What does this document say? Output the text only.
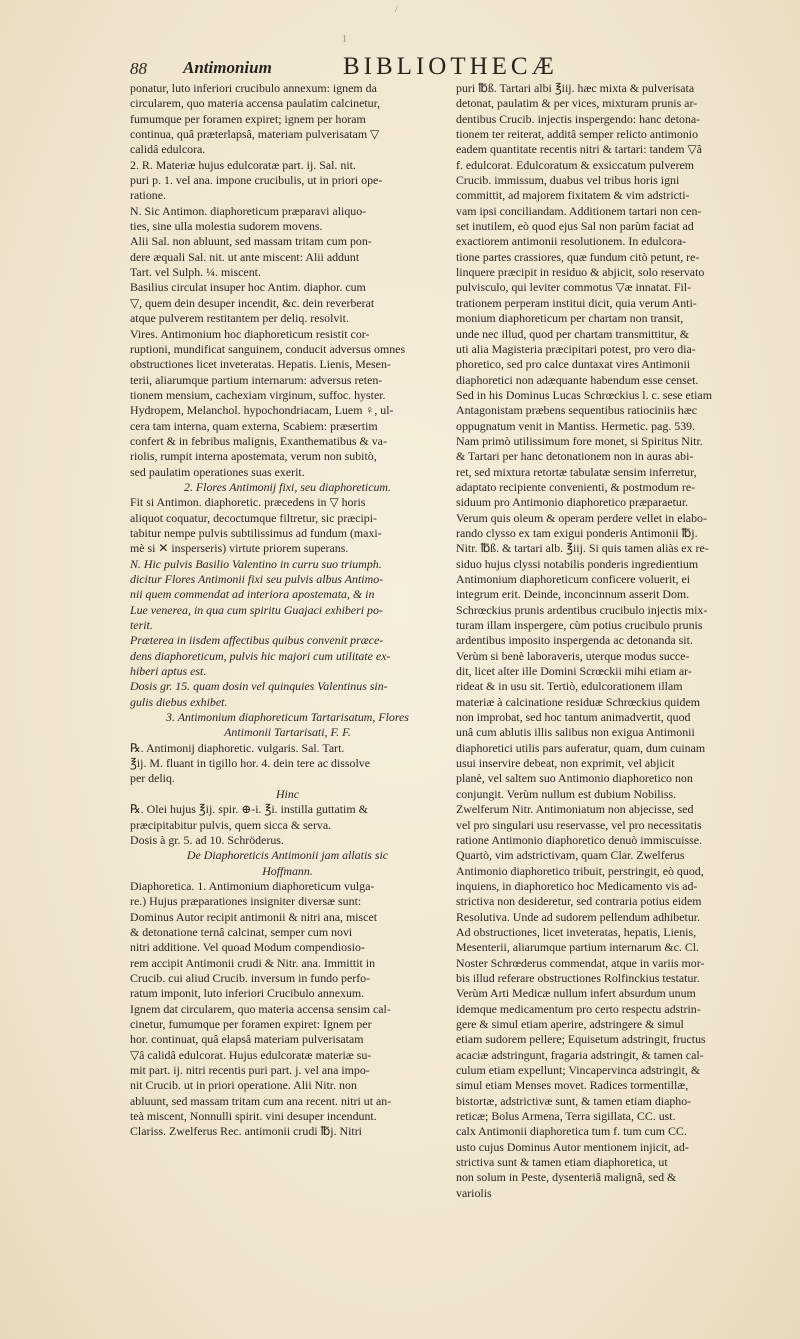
/
1
88 Antimonium	BIBLIOTHECÆ

ponatur, luto inferiori crucibulo annexum: ignem da
circularem, quo materia accensa paulatim calcinetur,
fumumque per foramen expiret; ignem per horam
continua, quâ præterlapsâ, materiam pulverisatam ▽
calidâ edulcora.

2. R. Materiæ hujus edulcoratæ part. ij. Sal. nit.
puri p. 1. vel ana. impone crucibulis, ut in priori ope-
ratione.

N. Sic Antimon. diaphoreticum præparavi aliquo-
ties, sine ulla molestia sudorem movens.

Alii Sal. non abluunt, sed massam tritam cum pon-
dere æquali Sal. nit. ut ante miscent: Alii addunt
Tart. vel Sulph. ¼. miscent.

Basilius circulat insuper hoc Antim. diaphor. cum
▽, quem dein desuper incendit, &c. dein reverberat
atque pulverem restitantem per deliq. resolvit.

Vires. Antimonium hoc diaphoreticum resistit cor-
ruptioni, mundificat sanguinem, conducit adversus omnes
obstructiones licet inveteratas. Hepatis. Lienis, Mesen-
terii, aliarumque partium internarum: adversus reten-
tionem mensium, cachexiam virginum, suffoc. hyster.
Hydropem, Melanchol. hypochondriacam, Luem ♀, ul-
cera tam interna, quam externa, Scabiem: præsertim
confert & in febribus malignis, Exanthematibus & va-
riolis, rumpit interna apostemata, verum non subitò,
sed paulatim operationes suas exerit.

2. Flores Antimonij fixi, seu diaphoreticum.

Fit si Antimon. diaphoretic. præcedens in ▽ horis
aliquot coquatur, decoctumque filtretur, sic præcipi-
tabitur nempe pulvis subtilissimus ad fundum (maxi-
mè si ✕ insperseris) virtute priorem superans.

N. Hic pulvis Basilio Valentino in curru suo triumph.
dicitur Flores Antimonii fixi seu pulvis albus Antimo-
nii quem commendat ad interiora apostemata, & in
Lue venerea, in qua cum spiritu Guajaci exhiberi po-
terit.

Præterea in iisdem affectibus quibus convenit præce-
dens diaphoreticum, pulvis hic majori cum utilitate ex-
hiberi aptus est.

Dosis gr. 15. quam dosin vel quinquies Valentinus sin-
gulis diebus exhibet.

3. Antimonium diaphoreticum Tartarisatum, Flores
Antimonii Tartarisati, F. F.

℞. Antimonij diaphoretic. vulgaris. Sal. Tart.
℥ij. M. fluant in tigillo hor. 4. dein tere ac dissolve
per deliq.

Hinc

℞. Olei hujus ℥ij. spir. ⊕-i. ℥i. instilla guttatim &
præcipitabitur pulvis, quem sicca & serva.

Dosis à gr. 5. ad 10. Schröderus.

De Diaphoreticis Antimonii jam allatis sic
Hoffmann.

Diaphoretica. 1. Antimonium diaphoreticum vulga-
re.) Hujus præparationes insigniter diversæ sunt:
Dominus Autor recipit antimonii & nitri ana, miscet
& detonatione ternâ calcinat, semper cum novi
nitri additione. Vel quoad Modum compendiosio-
rem accipit Antimonii crudi & Nitr. ana. Immittit in
Crucib. cui aliud Crucib. inversum in fundo perfo-
ratum imponit, luto inferiori Crucibulo annexum.
Ignem dat circularem, quo materia accensa sensim cal-
cinetur, fumumque per foramen expiret: Ignem per
hor. continuat, quâ elapsâ materiam pulverisatam
▽â calidâ edulcorat. Hujus edulcoratæ materiæ su-
mit part. ij. nitri recentis puri part. j. vel ana impo-
nit Crucib. ut in priori operatione. Alii Nitr. non
abluunt, sed massam tritam cum ana recent. nitri ut an-
teà miscent, Nonnulli spirit. vini desuper incendunt.
Clariss. Zwelferus Rec. antimonii crudi ℔j. Nitri

puri ℔ß. Tartari albi ℥iij. hæc mixta & pulverisata
detonat, paulatim & per vices, mixturam prunis ar-
dentibus Crucib. injectis inspergendo: hanc detona-
tionem ter reiterat, additâ semper relicto antimonio
eadem quantitate recentis nitri & tartari: tandem ▽â
f. edulcorat. Edulcoratum & exsiccatum pulverem
Crucib. immissum, duabus vel tribus horis igni
committit, ad majorem fixitatem & vim adstricti-
vam ipsi conciliandam. Additionem tartari non cen-
set inutilem, eò quod ejus Sal non parùm faciat ad
exactiorem antimonii resolutionem. In edulcora-
tione partes crassiores, quæ fundum citò petunt, re-
linquere præcipit in residuo & abjicit, solo reservato
pulvisculo, qui leviter commotus ▽æ innatat. Fil-
trationem perperam institui dicit, quia verum Anti-
monium diaphoreticum per chartam non transit,
unde nec illud, quod per chartam transmittitur, &
uti alia Magisteria præcipitari potest, pro vero dia-
phoretico, sed pro calce duntaxat vires Antimonii
diaphoretici non adæquante habendum esse censet.
Sed in his Dominus Lucas Schrœckius l. c. sese etiam
Antagonistam præbens sequentibus ratiociniis hæc
oppugnatum venit in Mantiss. Hermetic. pag. 539.
Nam primò utilissimum fore monet, si Spiritus Nitr.
& Tartari per hanc detonationem non in auras abi-
ret, sed mixtura retortæ tabulatæ sensim inferretur,
adaptato recipiente convenienti, & postmodum re-
siduum pro Antimonio diaphoretico præparaetur.
Verum quis oleum & operam perdere vellet in elabo-
rando clysso ex tam exigui ponderis Antimonii ℔j.
Nitr. ℔ß. & tartari alb. ℥iij. Si quis tamen aliàs ex re-
siduo hujus clyssi notabilis ponderis ingredientium
Antimonium diaphoreticum conficere voluerit, ei
integrum erit. Deinde, inconcinnum asserit Dom.
Schrœckius prunis ardentibus crucibulo injectis mix-
turam illam inspergere, cùm potius crucibulo prunis
ardentibus imposito inspergenda ac detonanda sit.
Verùm si benè laboraveris, uterque modus succe-
dit, licet alter ille Domini Scrœckii mihi etiam ar-
rideat & in usu sit. Tertiò, edulcorationem illam
materiæ à calcinatione residuæ Schrœckius quidem
non improbat, sed hoc tantum animadvertit, quod
unâ cum ablutis illis salibus non exigua Antimonii
diaphoretici utilis pars auferatur, quam, dum cuinam
usui inservire debeat, non exprimit, vel abjicit
planè, vel saltem suo Antimonio diaphoretico non
conjungit. Verùm nullum est dubium Nobiliss.
Zwelferum Nitr. Antimoniatum non abjecisse, sed
vel pro singulari usu reservasse, vel pro necessitatis
ratione Antimonio diaphoretico denuò immiscuisse.
Quartò, vim adstrictivam, quam Clar. Zwelferus
Antimonio diaphoretico tribuit, perstringit, eò quod,
inquiens, in diaphoretico hoc Medicamento vis ad-
strictiva non desideretur, sed contraria potius eidem
Resolutiva. Unde ad sudorem pellendum adhibetur.
Ad obstructiones, licet inveteratas, hepatis, Lienis,
Mesenterii, aliarumque partium internarum &c. Cl.
Noster Schrœderus commendat, atque in variis mor-
bis illud referare obstructiones Rolfinckius testatur.
Verùm Arti Medicæ nullum infert absurdum unum
idemque medicamentum pro certo respectu adstrin-
gere & simul etiam aperire, adstringere & simul
etiam sudorem pellere; Equisetum adstringit, fructus
acaciæ adstringunt, fragaria adstringit, & tamen cal-
culum etiam expellunt; Vincapervinca adstringit, &
simul etiam Menses movet. Radices tormentillæ,
bistortæ, adstrictivæ sunt, & tamen etiam diapho-
reticæ; Bolus Armena, Terra sigillata, CC. ust.
calx Antimonii diaphoretica tum f. tum cum CC.
usto cujus Dominus Autor mentionem injicit, ad-
strictiva sunt & tamen etiam diaphoretica, ut
non solum in Peste, dysenteriâ malignâ, sed &
variolis
